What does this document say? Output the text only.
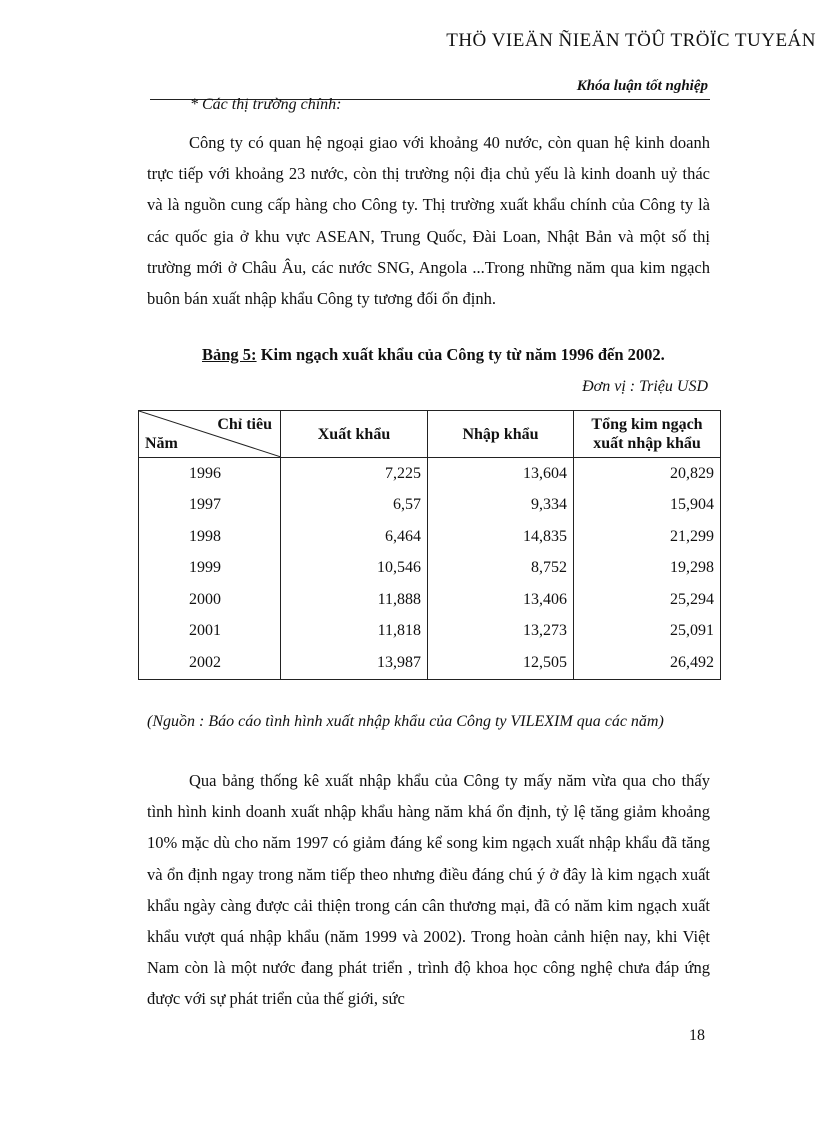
THÖ VIEÄN ÑIEÄN TÖÛ TRÖÏC TUYEÁN
Khóa luận tốt nghiệp
* Các thị trường chính:
Công ty có quan hệ ngoại giao với khoảng 40 nước, còn quan hệ kinh doanh trực tiếp với khoảng 23 nước, còn thị trường nội địa chủ yếu là kinh doanh uỷ thác và là nguồn cung cấp hàng cho Công ty. Thị trường xuất khẩu chính của Công ty là các quốc gia ở khu vực ASEAN, Trung Quốc, Đài Loan, Nhật Bản và một số thị trường mới ở Châu Âu, các nước SNG, Angola ...Trong những năm qua kim ngạch buôn bán xuất nhập khẩu Công ty tương đối ổn định.
Bảng 5: Kim ngạch xuất khẩu của Công ty từ năm 1996 đến 2002.
Đơn vị : Triệu USD
Chỉ tiêu
Năm	Xuất khẩu	Nhập khẩu	Tổng kim ngạch xuất nhập khẩu
1996	7,225	13,604	20,829
1997	6,57	9,334	15,904
1998	6,464	14,835	21,299
1999	10,546	8,752	19,298
2000	11,888	13,406	25,294
2001	11,818	13,273	25,091
2002	13,987	12,505	26,492
(Nguồn : Báo cáo tình hình xuất nhập khẩu của Công ty VILEXIM qua các năm)
Qua bảng thống kê xuất nhập khẩu của Công ty mấy năm vừa qua cho thấy tình hình kinh doanh xuất nhập khẩu hàng năm khá ổn định, tỷ lệ tăng giảm khoảng 10% mặc dù cho năm 1997 có giảm đáng kể song kim ngạch xuất nhập khẩu đã tăng và ổn định ngay trong năm tiếp theo nhưng điều đáng chú ý ở đây là kim ngạch xuất khẩu ngày càng được cải thiện trong cán cân thương mại, đã có năm kim ngạch xuất khẩu vượt quá nhập khẩu (năm 1999 và 2002). Trong hoàn cảnh hiện nay, khi Việt Nam còn là một nước đang phát triển , trình độ khoa học công nghệ chưa đáp ứng được với sự phát triển của thế giới, sức
18
